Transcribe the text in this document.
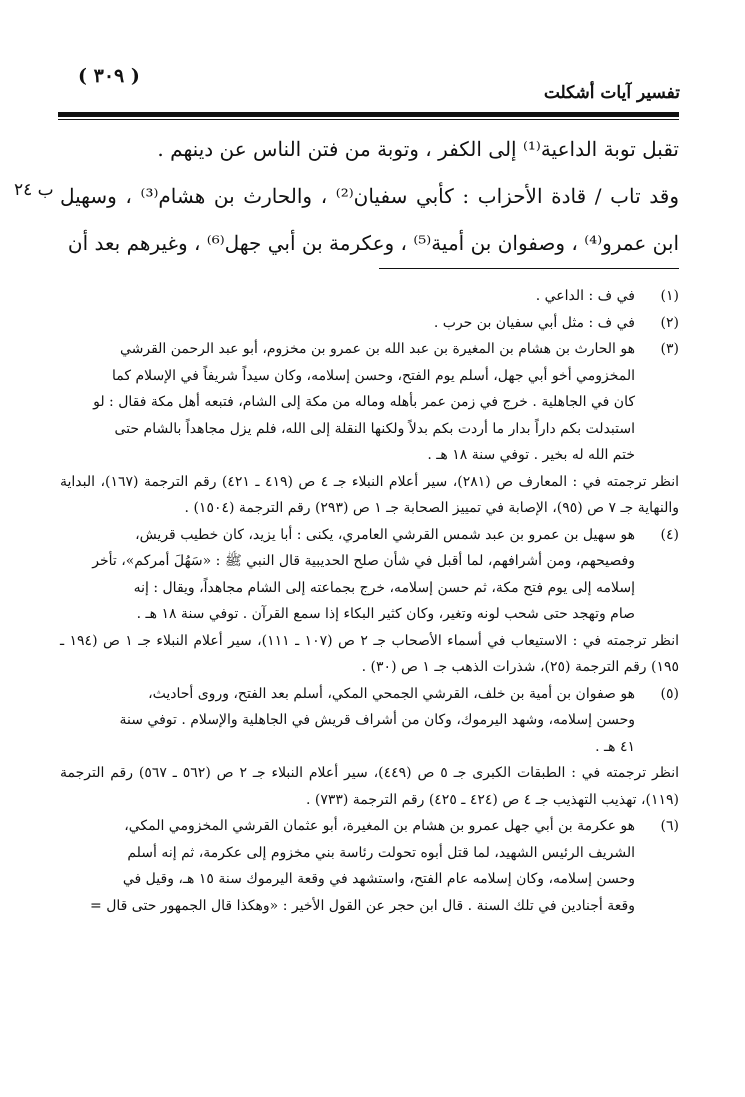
تفسير آيات أشكلت
( ٣٠٩ )
ب ٢٤

تقبل توبة الداعية⁽¹⁾ إلى الكفر ، وتوبة من فتن الناس عن دينهم .

وقد تاب / قادة الأحزاب : كأبي سفيان⁽²⁾ ، والحارث بن هشام⁽³⁾ ، وسهيل ابن عمرو⁽⁴⁾ ، وصفوان بن أمية⁽⁵⁾ ، وعكرمة بن أبي جهل⁽⁶⁾ ، وغيرهم بعد أن

(١)
في ف : الداعي .
(٢)
في ف : مثل أبي سفيان بن حرب .
(٣)
هو الحارث بن هشام بن المغيرة بن عبد الله بن عمرو بن مخزوم، أبو عبد الرحمن القرشي
المخزومي أخو أبي جهل، أسلم يوم الفتح، وحسن إسلامه، وكان سيداً شريفاً في الإسلام كما
كان في الجاهلية . خرج في زمن عمر بأهله وماله من مكة إلى الشام، فتبعه أهل مكة فقال : لو
استبدلت بكم داراً بدار ما أردت بكم بدلاً ولكنها النقلة إلى الله، فلم يزل مجاهداً بالشام حتى
ختم الله له بخير . توفي سنة ١٨ هـ .
انظر ترجمته في : المعارف ص (٢٨١)، سير أعلام النبلاء جـ ٤ ص (٤١٩ ـ ٤٢١) رقم الترجمة (١٦٧)، البداية والنهاية جـ ٧ ص (٩٥)، الإصابة في تمييز الصحابة جـ ١ ص (٢٩٣) رقم الترجمة (١٥٠٤) .
(٤)
هو سهيل بن عمرو بن عبد شمس القرشي العامري، يكنى : أبا يزيد، كان خطيب قريش،
وفصيحهم، ومن أشرافهم، لما أقبل في شأن صلح الحديبية قال النبي ﷺ : «سَهُلَ أمركم»، تأخر
إسلامه إلى يوم فتح مكة، ثم حسن إسلامه، خرج بجماعته إلى الشام مجاهداً، ويقال : إنه
صام وتهجد حتى شحب لونه وتغير، وكان كثير البكاء إذا سمع القرآن . توفي سنة ١٨ هـ .
انظر ترجمته في : الاستيعاب في أسماء الأصحاب جـ ٢ ص (١٠٧ ـ ١١١)، سير أعلام النبلاء جـ ١ ص (١٩٤ ـ ١٩٥) رقم الترجمة (٢٥)، شذرات الذهب جـ ١ ص (٣٠) .
(٥)
هو صفوان بن أمية بن خلف، القرشي الجمحي المكي، أسلم بعد الفتح، وروى أحاديث،
وحسن إسلامه، وشهد اليرموك، وكان من أشراف قريش في الجاهلية والإسلام . توفي سنة
٤١ هـ .
انظر ترجمته في : الطبقات الكبرى جـ ٥ ص (٤٤٩)، سير أعلام النبلاء جـ ٢ ص (٥٦٢ ـ ٥٦٧) رقم الترجمة (١١٩)، تهذيب التهذيب جـ ٤ ص (٤٢٤ ـ ٤٢٥) رقم الترجمة (٧٣٣) .
(٦)
هو عكرمة بن أبي جهل عمرو بن هشام بن المغيرة، أبو عثمان القرشي المخزومي المكي،
الشريف الرئيس الشهيد، لما قتل أبوه تحولت رئاسة بني مخزوم إلى عكرمة، ثم إنه أسلم
وحسن إسلامه، وكان إسلامه عام الفتح، واستشهد في وقعة اليرموك سنة ١٥ هـ، وقيل في
وقعة أجنادين في تلك السنة . قال ابن حجر عن القول الأخير : «وهكذا قال الجمهور حتى قال =
